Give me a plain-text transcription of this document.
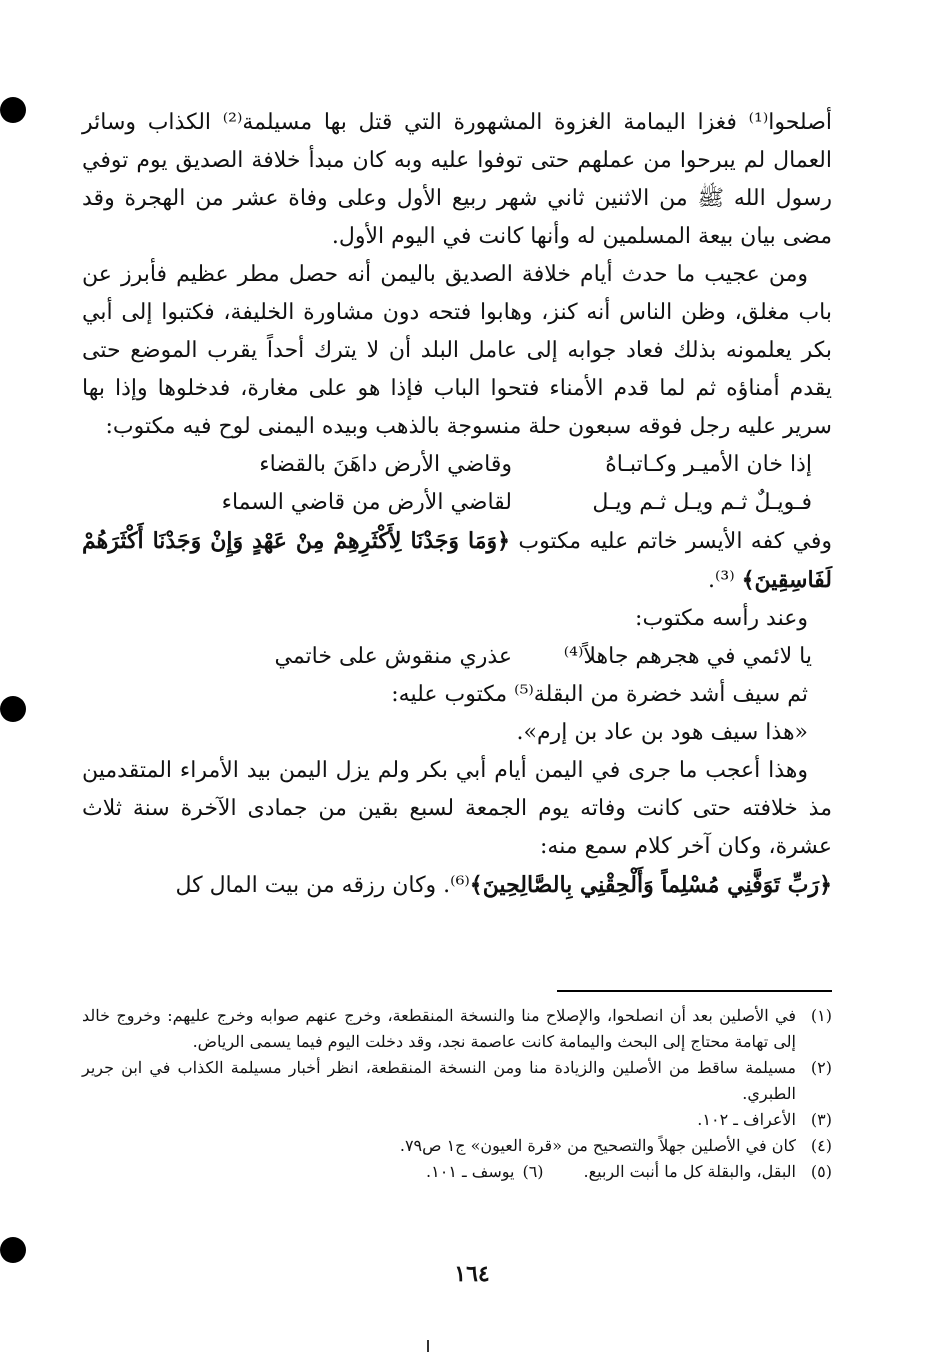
أصلحوا⁽¹⁾ فغزا اليمامة الغزوة المشهورة التي قتل بها مسيلمة⁽²⁾ الكذاب وسائر العمال لم يبرحوا من عملهم حتى توفوا عليه وبه كان مبدأ خلافة الصديق يوم توفي رسول الله ﷺ من الاثنين ثاني شهر ربيع الأول وعلى وفاة عشر من الهجرة وقد مضى بيان بيعة المسلمين له وأنها كانت في اليوم الأول.

ومن عجيب ما حدث أيام خلافة الصديق باليمن أنه حصل مطر عظيم فأبرز عن باب مغلق، وظن الناس أنه كنز، وهابوا فتحه دون مشاورة الخليفة، فكتبوا إلى أبي بكر يعلمونه بذلك فعاد جوابه إلى عامل البلد أن لا يترك أحداً يقرب الموضع حتى يقدم أمناؤه ثم لما قدم الأمناء فتحوا الباب فإذا هو على مغارة، فدخلوها وإذا بها سرير عليه رجل فوقه سبعون حلة منسوجة بالذهب وبيده اليمنى لوح فيه مكتوب:

إذا خان الأميـر وكـاتبـاهُ
وقاضي الأرض داهَنَ بالقضاء
فـويـلٌ ثـم ويـل ثـم ويـل
لقاضي الأرض من قاضي السماء

وفي كفه الأيسر خاتم عليه مكتوب ﴿وَمَا وَجَدْنَا لِأَكْثَرِهِمْ مِنْ عَهْدٍ وَإِنْ وَجَدْنَا أَكْثَرَهُمْ لَفَاسِقِينَ﴾ ⁽³⁾.

وعند رأسه مكتوب:

يا لائمي في هجرهم جاهلاً⁽⁴⁾
عذري منقوش على خاتمي

ثم سيف أشد خضرة من البقلة⁽⁵⁾ مكتوب عليه:

«هذا سيف هود بن عاد بن إرم».

وهذا أعجب ما جرى في اليمن أيام أبي بكر ولم يزل اليمن بيد الأمراء المتقدمين مذ خلافته حتى كانت وفاته يوم الجمعة لسبع بقين من جمادى الآخرة سنة ثلاث عشرة، وكان آخر كلام سمع منه:

﴿رَبِّ تَوَفَّنِي مُسْلِماً وَأَلْحِقْنِي بِالصَّالِحِينَ﴾⁽⁶⁾. وكان رزقه من بيت المال كل

(١)
في الأصلين بعد أن انصلحوا، والإصلاح منا والنسخة المنقطعة، وخرج عنهم صوابه وخرج عليهم: وخروج خالد إلى تهامة محتاج إلى البحث واليمامة كانت عاصمة نجد، وقد دخلت اليوم فيما يسمى الرياض.
(٢)
مسيلمة ساقط من الأصلين والزيادة منا ومن النسخة المنقطعة، انظر أخبار مسيلمة الكذاب في ابن جرير الطبري.
(٣)
الأعراف ـ ١٠٢.
(٤)
كان في الأصلين جهلاً والتصحيح من «قرة العيون» ج١ ص٧٩.
(٥)
البقل، والبقلة كل ما أنبت الربيع.
(٦)
يوسف ـ ١٠١.
١٦٤
